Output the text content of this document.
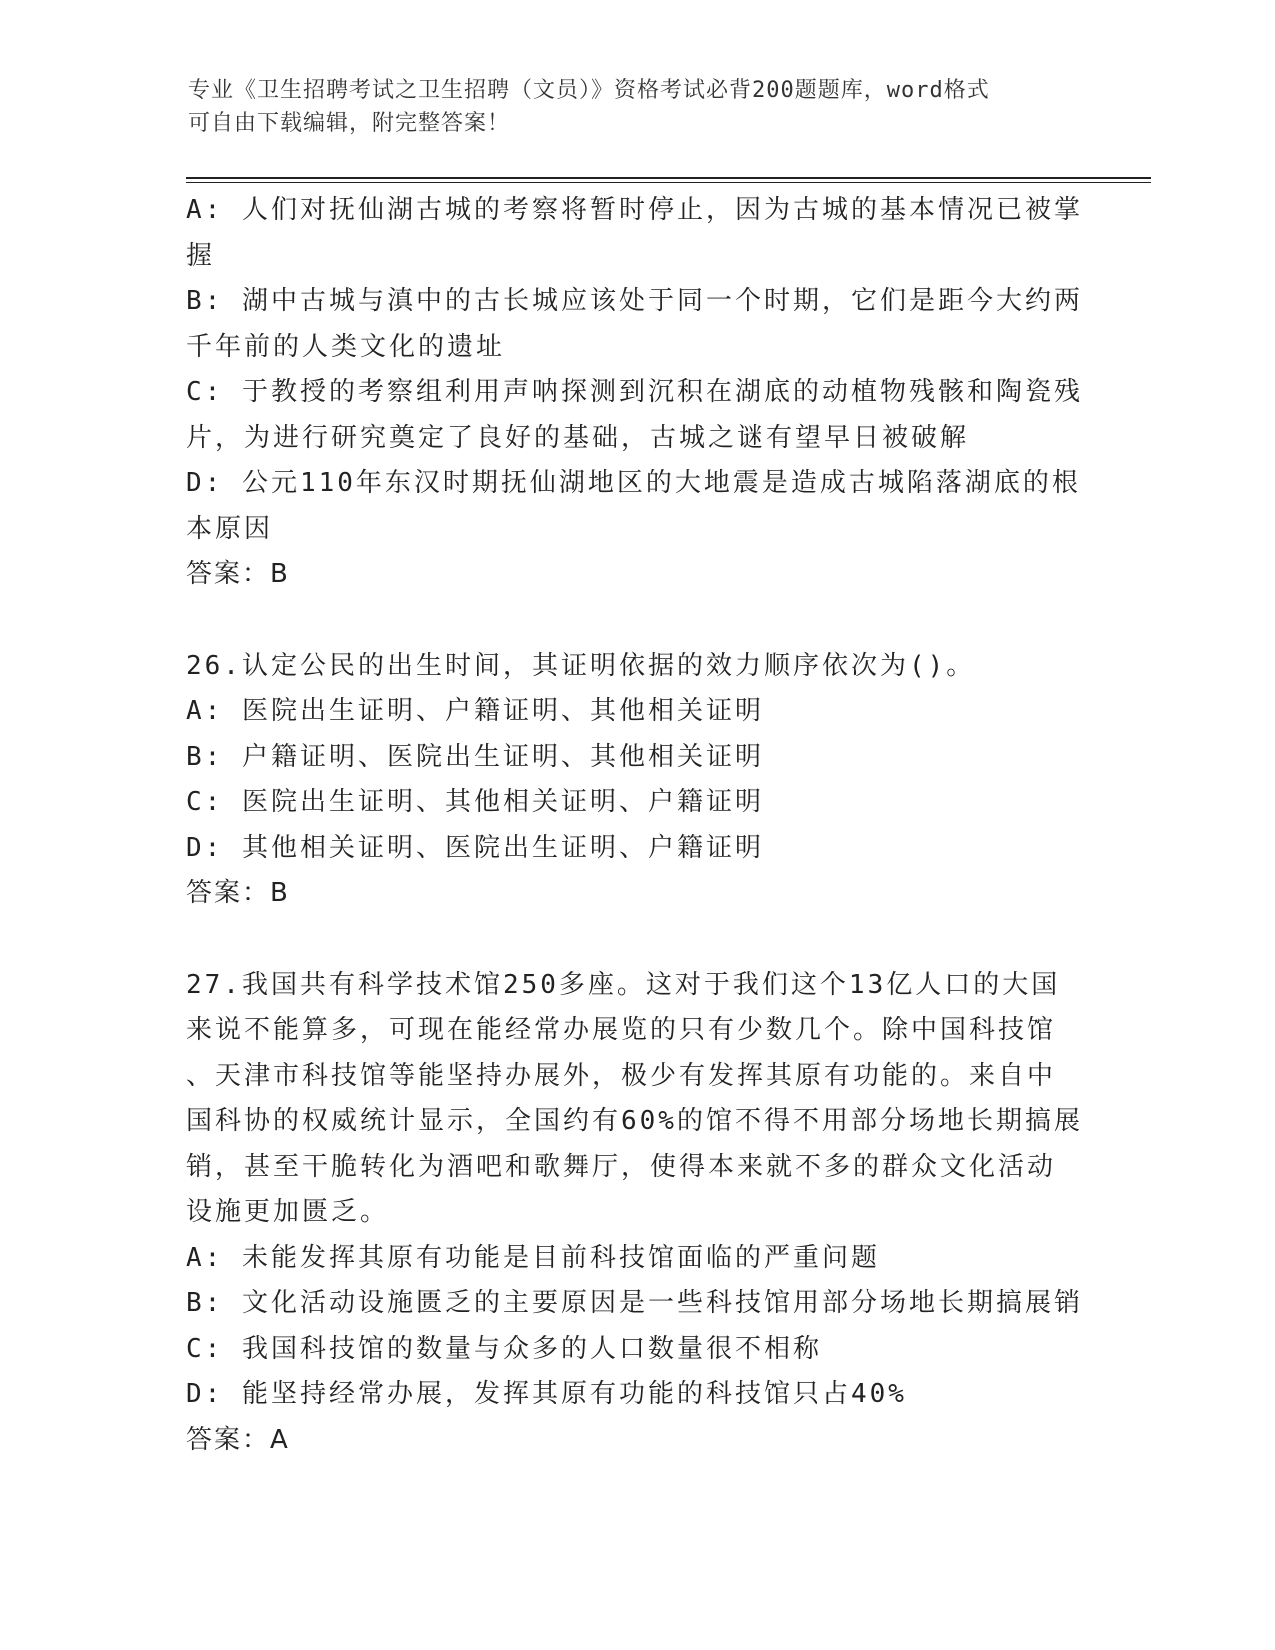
专业《卫生招聘考试之卫生招聘（文员）》资格考试必背200题题库，word格式
可自由下载编辑，附完整答案！

A: 人们对抚仙湖古城的考察将暂时停止，因为古城的基本情况已被掌

握

B: 湖中古城与滇中的古长城应该处于同一个时期，它们是距今大约两

千年前的人类文化的遗址

C: 于教授的考察组利用声呐探测到沉积在湖底的动植物残骸和陶瓷残

片，为进行研究奠定了良好的基础，古城之谜有望早日被破解

D: 公元110年东汉时期抚仙湖地区的大地震是造成古城陷落湖底的根

本原因

答案：B

26.认定公民的出生时间，其证明依据的效力顺序依次为()。

A: 医院出生证明、户籍证明、其他相关证明

B: 户籍证明、医院出生证明、其他相关证明

C: 医院出生证明、其他相关证明、户籍证明

D: 其他相关证明、医院出生证明、户籍证明

答案：B

27.我国共有科学技术馆250多座。这对于我们这个13亿人口的大国

来说不能算多，可现在能经常办展览的只有少数几个。除中国科技馆

、天津市科技馆等能坚持办展外，极少有发挥其原有功能的。来自中

国科协的权威统计显示，全国约有60%的馆不得不用部分场地长期搞展

销，甚至干脆转化为酒吧和歌舞厅，使得本来就不多的群众文化活动

设施更加匮乏。

A: 未能发挥其原有功能是目前科技馆面临的严重问题

B: 文化活动设施匮乏的主要原因是一些科技馆用部分场地长期搞展销

C: 我国科技馆的数量与众多的人口数量很不相称

D: 能坚持经常办展，发挥其原有功能的科技馆只占40%

答案：A
